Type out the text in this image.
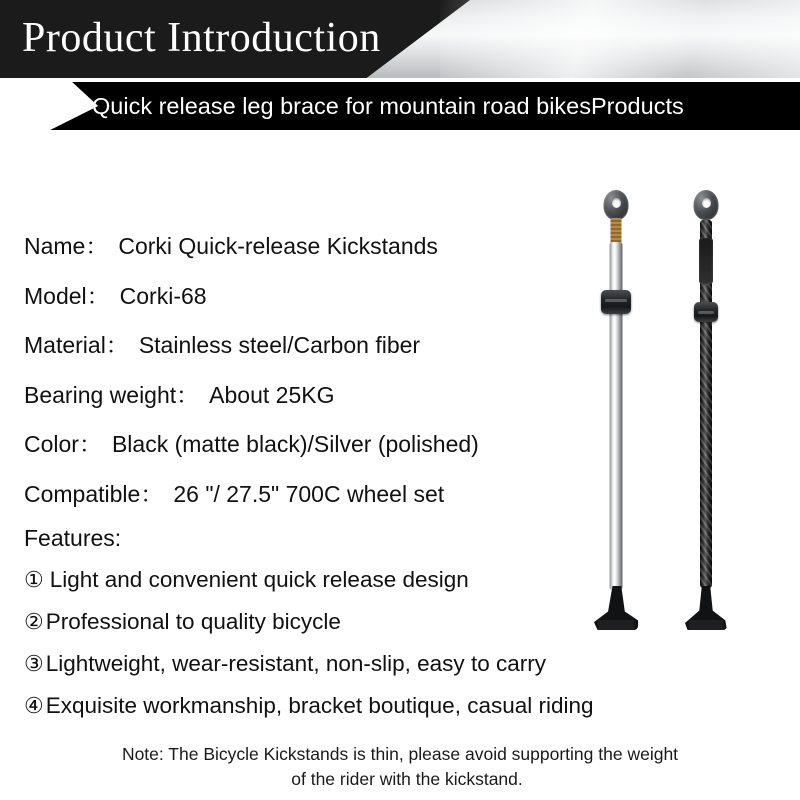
Product Introduction
Quick release leg brace for mountain road bikesProducts
Name： Corki Quick-release Kickstands
Model： Corki-68
Material： Stainless steel/Carbon fiber
Bearing weight： About 25KG
Color： Black (matte black)/Silver (polished)
Compatible： 26 "/ 27.5" 700C wheel set
Features:
① Light and convenient quick release design
② Professional to quality bicycle
③ Lightweight, wear-resistant, non-slip, easy to carry
④ Exquisite workmanship, bracket boutique, casual riding
Note: The Bicycle Kickstands is thin, please avoid supporting the weight
of the rider with the kickstand.
